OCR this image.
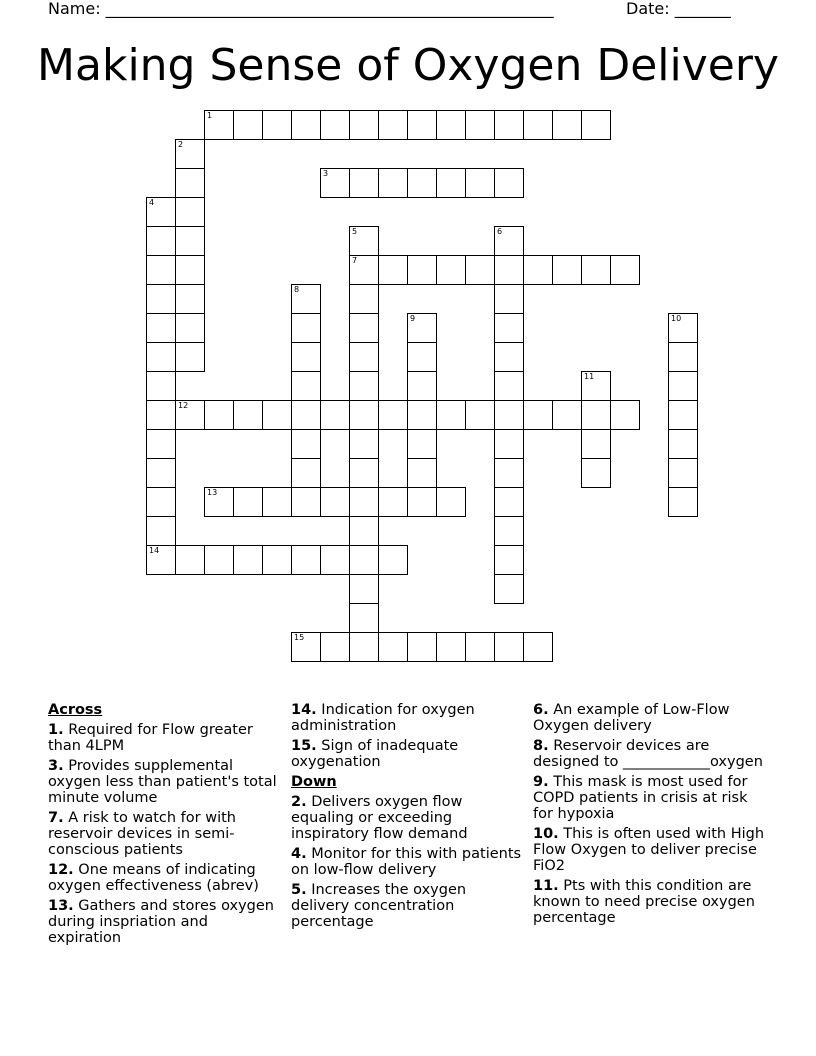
Name: ________________________________________________________	Date: _______
Making Sense of Oxygen Delivery
1
2
3
4
14
5
7
6
8
9	10
11
12
13
15
Across
1. Required for Flow greater than 4LPM
3. Provides supplemental oxygen less than patient's total minute volume
7. A risk to watch for with reservoir devices in semi-conscious patients
12. One means of indicating oxygen effectiveness (abrev)
13. Gathers and stores oxygen during inspriation and expiration
14. Indication for oxygen administration
15. Sign of inadequate oxygenation
Down
2. Delivers oxygen flow equaling or exceeding inspiratory flow demand
4. Monitor for this with patients on low-flow delivery
5. Increases the oxygen delivery concentration percentage
6. An example of Low-Flow Oxygen delivery
8. Reservoir devices are designed to ____________oxygen
9. This mask is most used for COPD patients in crisis at risk for hypoxia
10. This is often used with High Flow Oxygen to deliver precise FiO2
11. Pts with this condition are known to need precise oxygen percentage
